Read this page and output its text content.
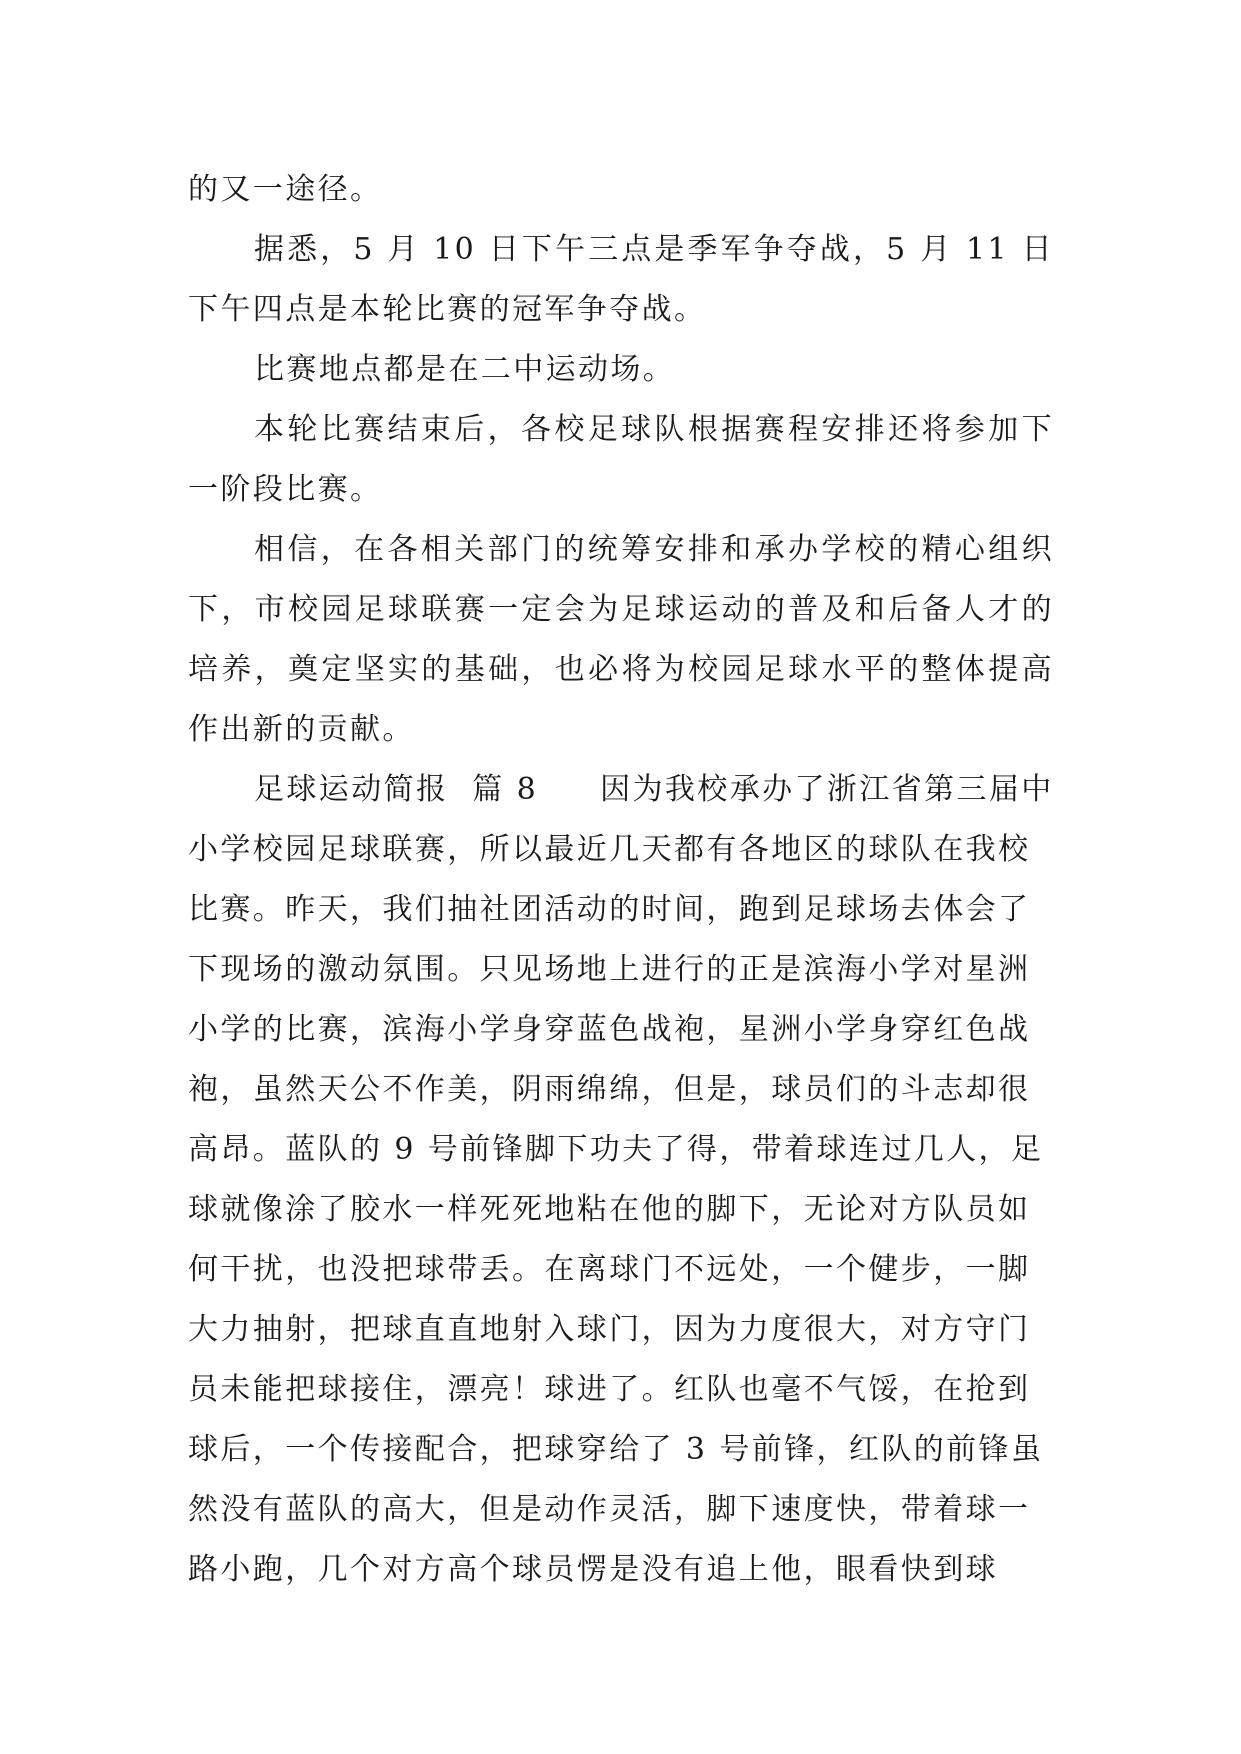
的又一途径。

据悉，5 月 10 日下午三点是季军争夺战，5 月 11 日下午四点是本轮比赛的冠军争夺战。

比赛地点都是在二中运动场。

本轮比赛结束后，各校足球队根据赛程安排还将参加下一阶段比赛。

相信，在各相关部门的统筹安排和承办学校的精心组织下，市校园足球联赛一定会为足球运动的普及和后备人才的培养，奠定坚实的基础，也必将为校园足球水平的整体提高作出新的贡献。

足球运动简报  篇 8 因为我校承办了浙江省第三届中小学校园足球联赛，所以最近几天都有各地区的球队在我校比赛。昨天，我们抽社团活动的时间，跑到足球场去体会了下现场的激动氛围。只见场地上进行的正是滨海小学对星洲小学的比赛，滨海小学身穿蓝色战袍，星洲小学身穿红色战袍，虽然天公不作美，阴雨绵绵，但是，球员们的斗志却很高昂。蓝队的 9 号前锋脚下功夫了得，带着球连过几人，足球就像涂了胶水一样死死地粘在他的脚下，无论对方队员如何干扰，也没把球带丢。在离球门不远处，一个健步，一脚大力抽射，把球直直地射入球门，因为力度很大，对方守门员未能把球接住，漂亮！球进了。红队也毫不气馁，在抢到球后，一个传接配合，把球穿给了 3 号前锋，红队的前锋虽然没有蓝队的高大，但是动作灵活，脚下速度快，带着球一路小跑，几个对方高个球员愣是没有追上他，眼看快到球
